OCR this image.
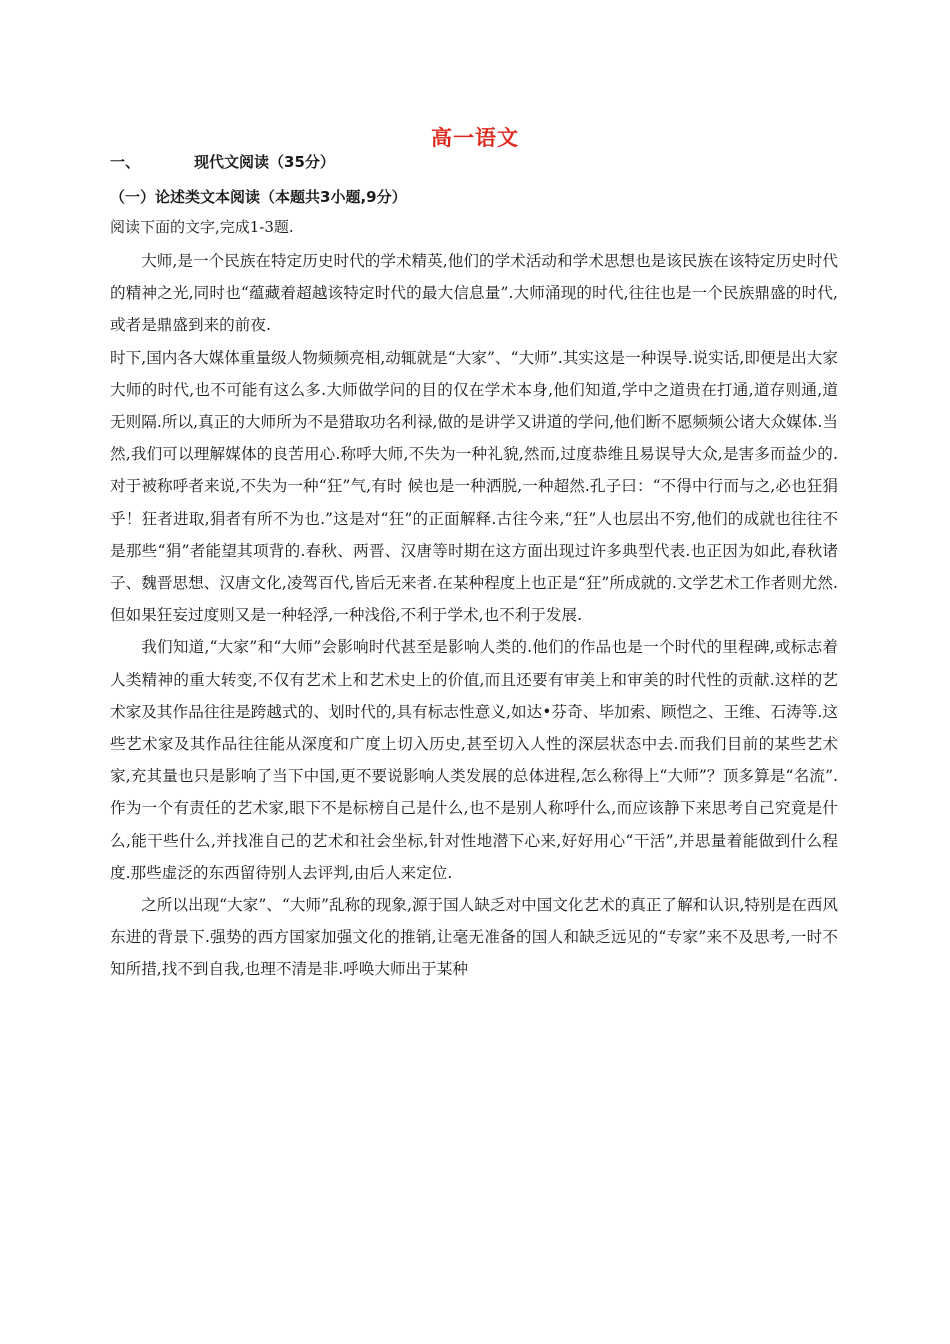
高一语文
一、	现代文阅读（35分）
（一）论述类文本阅读（本题共3小题,9分）
阅读下面的文字,完成1-3题.

大师,是一个民族在特定历史时代的学术精英,他们的学术活动和学术思想也是该民族在该特定历史时代的精神之光,同时也“蕴藏着超越该特定时代的最大信息量”.大师涌现的时代,往往也是一个民族鼎盛的时代,或者是鼎盛到来的前夜.

时下,国内各大媒体重量级人物频频亮相,动辄就是“大家”、“大师”.其实这是一种误导.说实话,即便是出大家大师的时代,也不可能有这么多.大师做学问的目的仅在学术本身,他们知道,学中之道贵在打通,道存则通,道无则隔.所以,真正的大师所为不是猎取功名利禄,做的是讲学又讲道的学问,他们断不愿频频公诸大众媒体.当然,我们可以理解媒体的良苦用心.称呼大师,不失为一种礼貌,然而,过度恭维且易误导大众,是害多而益少的.对于被称呼者来说,不失为一种“狂”气,有时 候也是一种洒脱,一种超然.孔子曰：“不得中行而与之,必也狂狷乎！狂者进取,狷者有所不为也.”这是对“狂”的正面解释.古往今来,“狂”人也层出不穷,他们的成就也往往不是那些“狷”者能望其项背的.春秋、两晋、汉唐等时期在这方面出现过许多典型代表.也正因为如此,春秋诸子、魏晋思想、汉唐文化,凌驾百代,皆后无来者.在某种程度上也正是“狂”所成就的.文学艺术工作者则尤然.但如果狂妄过度则又是一种轻浮,一种浅俗,不利于学术,也不利于发展.

我们知道,“大家”和“大师”会影响时代甚至是影响人类的.他们的作品也是一个时代的里程碑,或标志着人类精神的重大转变,不仅有艺术上和艺术史上的价值,而且还要有审美上和审美的时代性的贡献.这样的艺术家及其作品往往是跨越式的、划时代的,具有标志性意义,如达•芬奇、毕加索、顾恺之、王维、石涛等.这些艺术家及其作品往往能从深度和广度上切入历史,甚至切入人性的深层状态中去.而我们目前的某些艺术家,充其量也只是影响了当下中国,更不要说影响人类发展的总体进程,怎么称得上“大师”？顶多算是“名流”.作为一个有责任的艺术家,眼下不是标榜自己是什么,也不是别人称呼什么,而应该静下来思考自己究竟是什么,能干些什么,并找准自己的艺术和社会坐标,针对性地潜下心来,好好用心“干活”,并思量着能做到什么程度.那些虚泛的东西留待别人去评判,由后人来定位.

之所以出现“大家”、“大师”乱称的现象,源于国人缺乏对中国文化艺术的真正了解和认识,特别是在西风东进的背景下.强势的西方国家加强文化的推销,让毫无准备的国人和缺乏远见的“专家”来不及思考,一时不知所措,找不到自我,也理不清是非.呼唤大师出于某种
